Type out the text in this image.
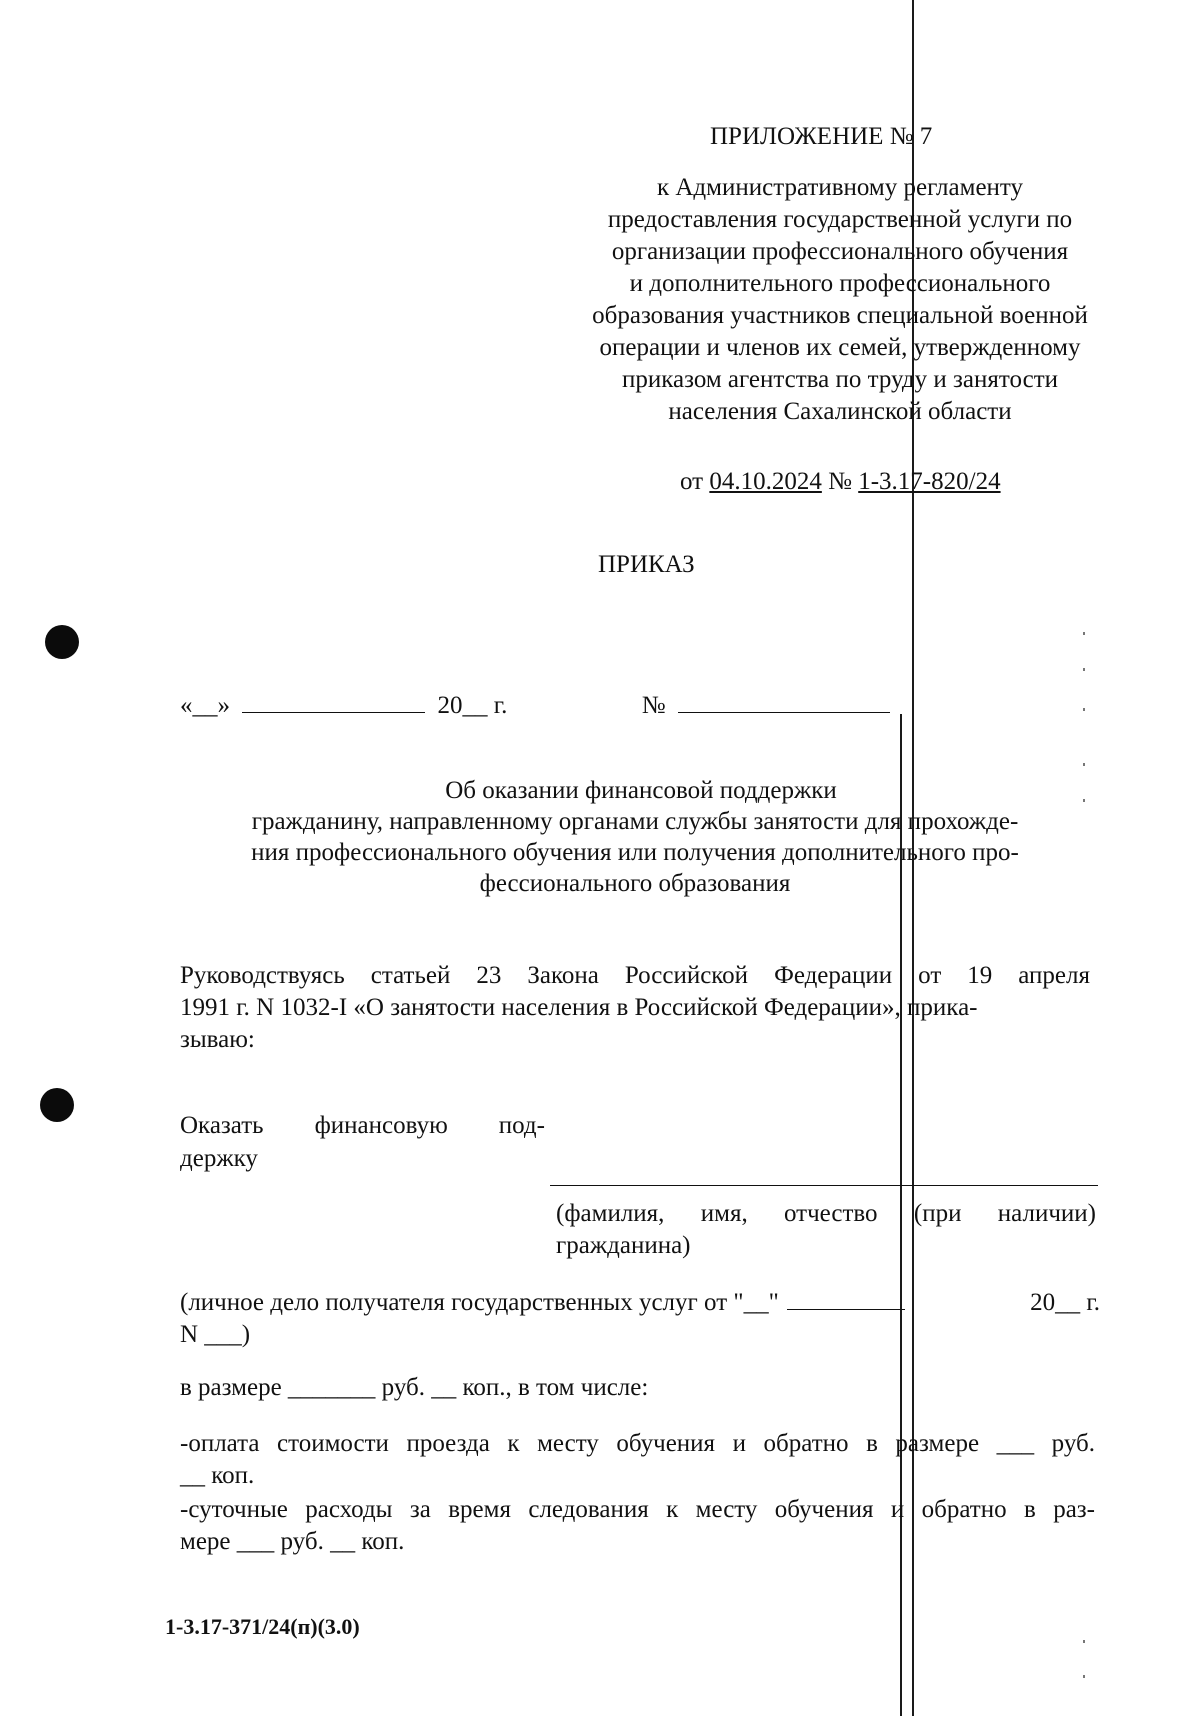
ПРИЛОЖЕНИЕ № 7
к Административному регламенту
предоставления государственной услуги по
организации профессионального обучения
и дополнительного профессионального
образования участников специальной военной
операции и членов их семей, утвержденному
приказом агентства по труду и занятости
населения Сахалинской области
от 04.10.2024 № 1-3.17-820/24
ПРИКАЗ
«__»	20__ г.	№
Об оказании финансовой поддержки
гражданину, направленному органами службы занятости для прохожде-
ния профессионального обучения или получения дополнительного про-
фессионального образования
Руководствуясь статьей 23 Закона Российской Федерации от 19 апреля
1991 г. N 1032-I «О занятости населения в Российской Федерации», прика-
зываю:
Оказать финансовую под-
держку
(фамилия, имя, отчество (при наличии)
гражданина)
(личное дело получателя государственных услуг от "__"	20__ г.
N ___)
в размере _______ руб. __ коп., в том числе:
-оплата стоимости проезда к месту обучения и обратно в размере ___ руб.
__ коп.
-суточные расходы за время следования к месту обучения и обратно в раз-
мере ___ руб. __ коп.
1-3.17-371/24(п)(3.0)
